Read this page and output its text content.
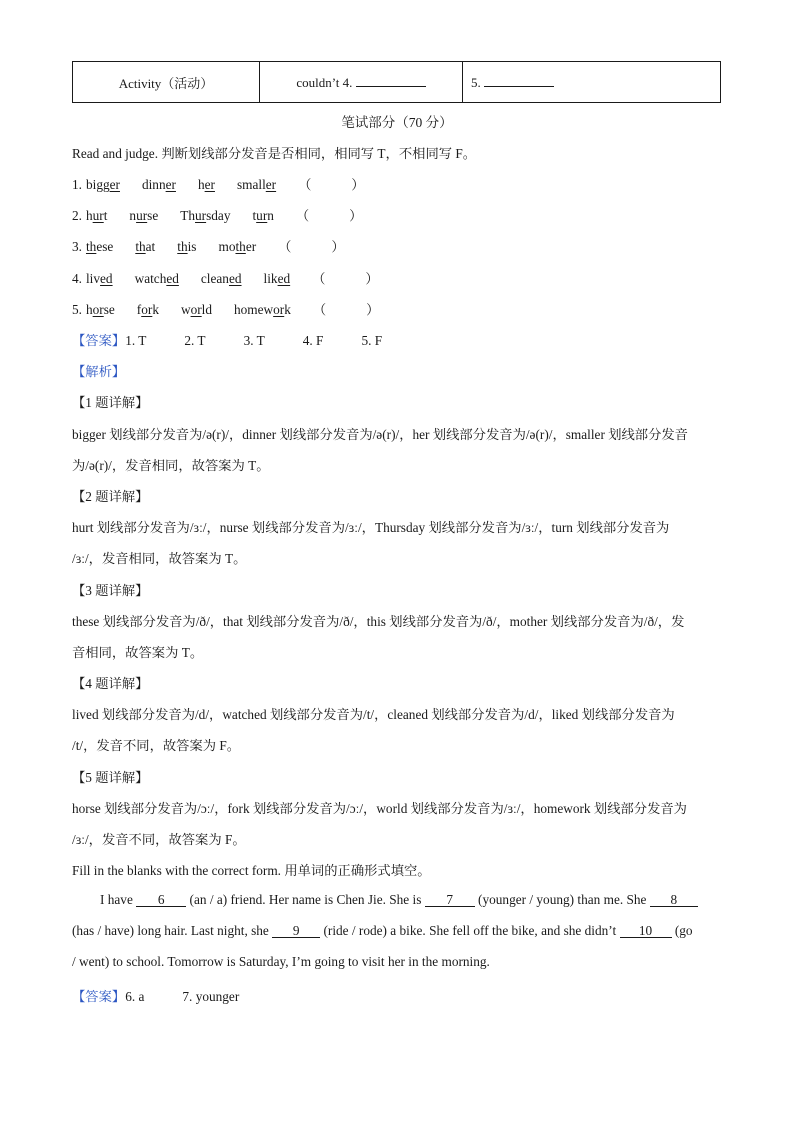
Activity（活动）	couldn’t 4.	5.
笔试部分（70 分）
Read and judge. 判断划线部分发音是否相同，相同写 T，不相同写 F。
1. bigger dinner her smaller （　　　）
2. hurt nurse Thursday turn （　　　）
3. these that this mother （　　　）
4. lived watched cleaned liked （　　　）
5. horse fork world homework （　　　）
【答案】1. T	2. T	3. T	4. F	5. F
【解析】
【1 题详解】
bigger 划线部分发音为/ə(r)/，dinner 划线部分发音为/ə(r)/，her 划线部分发音为/ə(r)/，smaller 划线部分发音
为/ə(r)/，发音相同，故答案为 T。
【2 题详解】
hurt 划线部分发音为/ɜː/，nurse 划线部分发音为/ɜː/，Thursday 划线部分发音为/ɜː/，turn 划线部分发音为
/ɜː/，发音相同，故答案为 T。
【3 题详解】
these 划线部分发音为/ð/，that 划线部分发音为/ð/，this 划线部分发音为/ð/，mother 划线部分发音为/ð/，发
音相同，故答案为 T。
【4 题详解】
lived 划线部分发音为/d/，watched 划线部分发音为/t/，cleaned 划线部分发音为/d/，liked 划线部分发音为
/t/，发音不同，故答案为 F。
【5 题详解】
horse 划线部分发音为/ɔː/，fork 划线部分发音为/ɔː/，world 划线部分发音为/ɜː/，homework 划线部分发音为
/ɜː/，发音不同，故答案为 F。
Fill in the blanks with the correct form. 用单词的正确形式填空。
I have 6 (an / a) friend. Her name is Chen Jie. She is 7 (younger / young) than me. She 8
(has / have) long hair. Last night, she 9 (ride / rode) a bike. She fell off the bike, and she didn’t 10 (go
/ went) to school. Tomorrow is Saturday, I’m going to visit her in the morning.
【答案】6. a	7. younger
